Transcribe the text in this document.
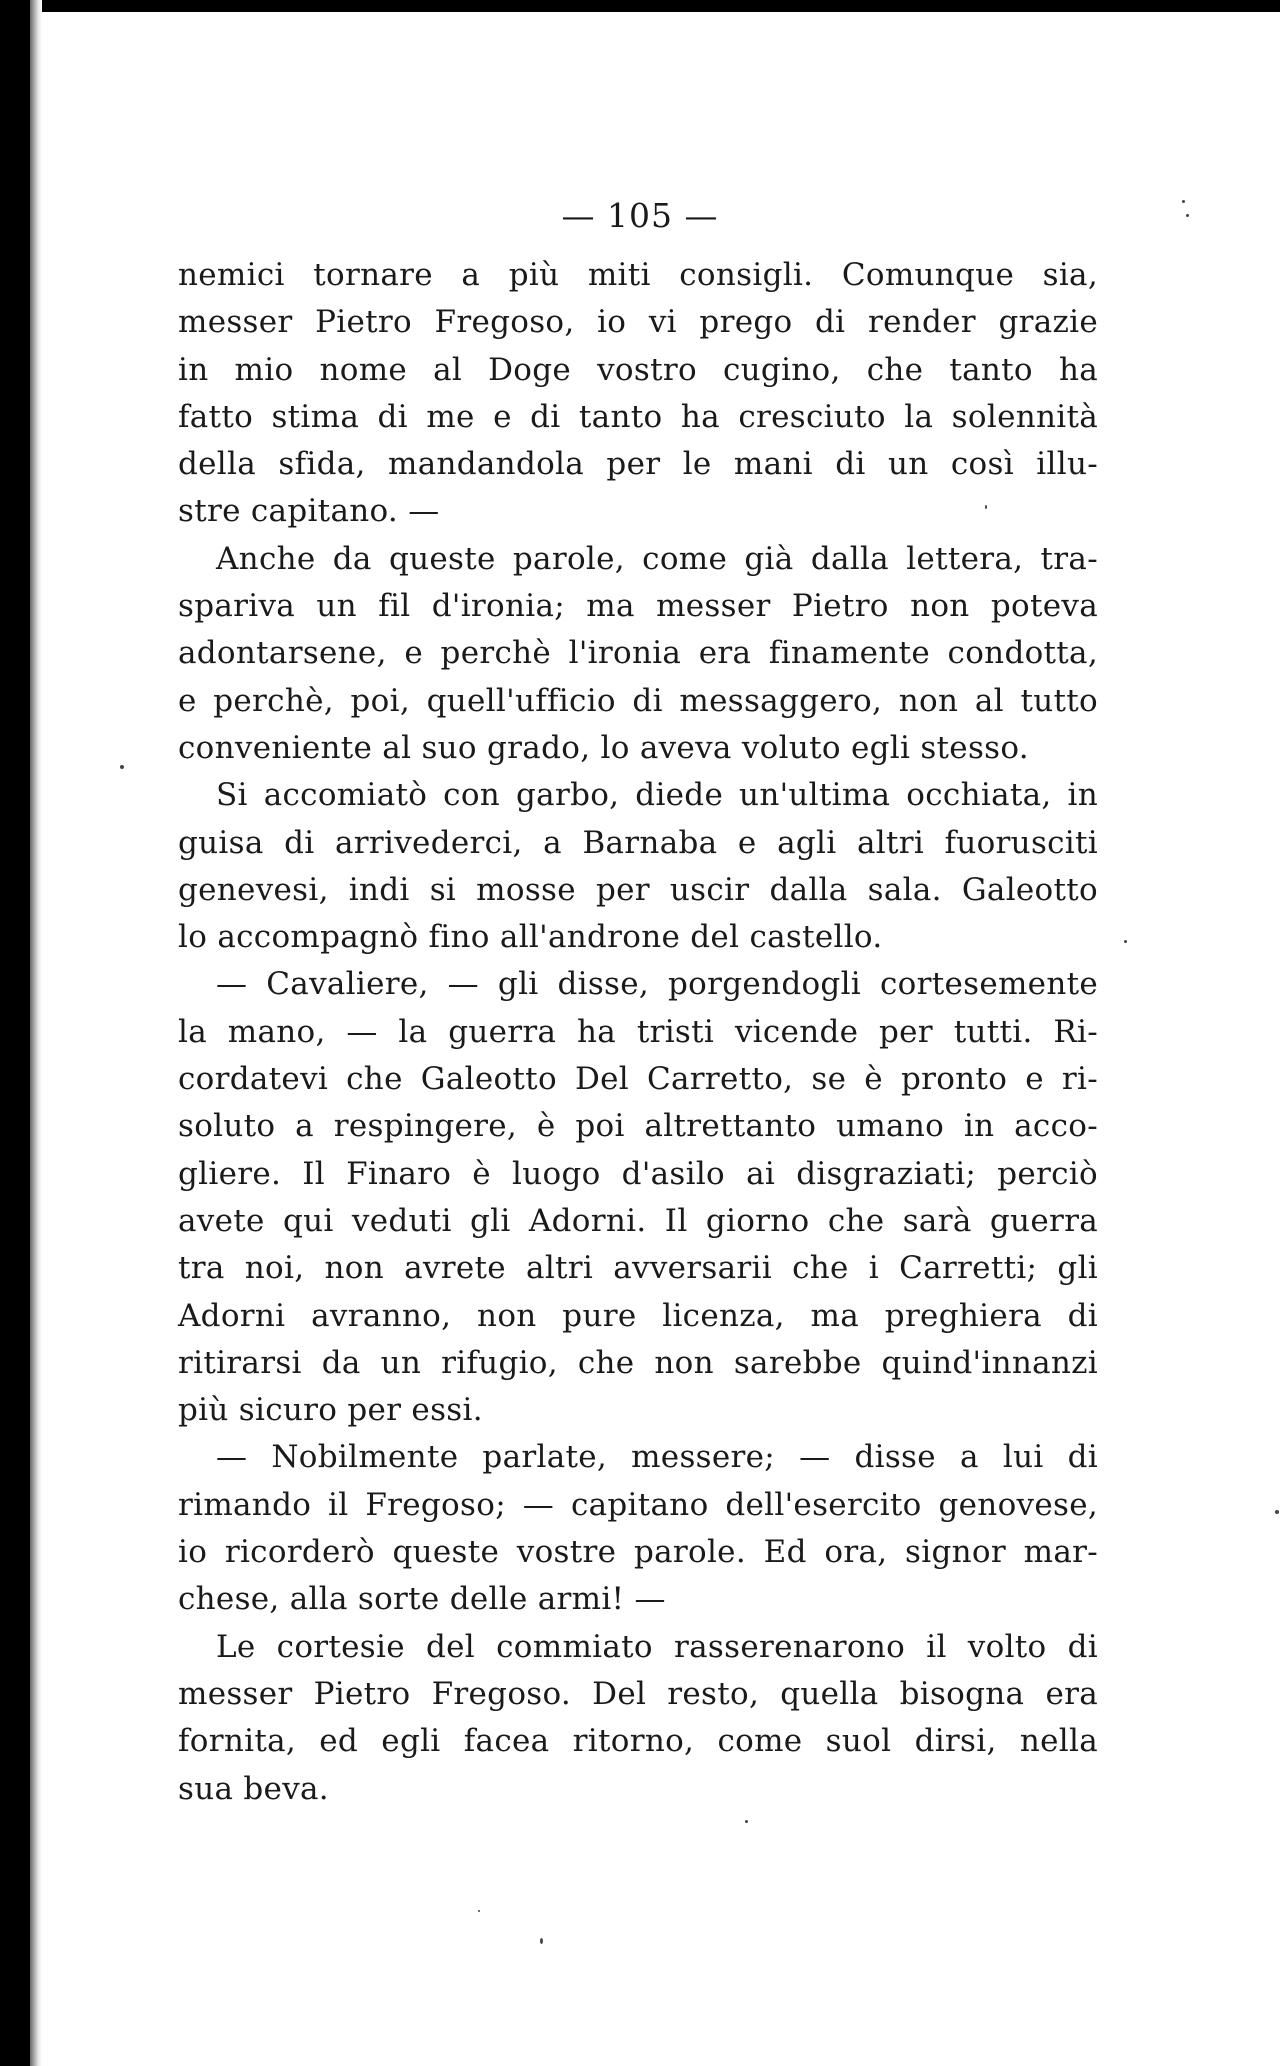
— 105 —
nemici tornare a più miti consigli. Comunque sia,
messer Pietro Fregoso, io vi prego di render grazie
in mio nome al Doge vostro cugino, che tanto ha
fatto stima di me e di tanto ha cresciuto la solennità
della sfida, mandandola per le mani di un così illu-
stre capitano. —
Anche da queste parole, come già dalla lettera, tra-
spariva un fil d'ironia; ma messer Pietro non poteva
adontarsene, e perchè l'ironia era finamente condotta,
e perchè, poi, quell'ufficio di messaggero, non al tutto
conveniente al suo grado, lo aveva voluto egli stesso.
Si accomiatò con garbo, diede un'ultima occhiata, in
guisa di arrivederci, a Barnaba e agli altri fuorusciti
genevesi, indi si mosse per uscir dalla sala. Galeotto
lo accompagnò fino all'androne del castello.
— Cavaliere, — gli disse, porgendogli cortesemente
la mano, — la guerra ha tristi vicende per tutti. Ri-
cordatevi che Galeotto Del Carretto, se è pronto e ri-
soluto a respingere, è poi altrettanto umano in acco-
gliere. Il Finaro è luogo d'asilo ai disgraziati; perciò
avete qui veduti gli Adorni. Il giorno che sarà guerra
tra noi, non avrete altri avversarii che i Carretti; gli
Adorni avranno, non pure licenza, ma preghiera di
ritirarsi da un rifugio, che non sarebbe quind'innanzi
più sicuro per essi.
— Nobilmente parlate, messere; — disse a lui di
rimando il Fregoso; — capitano dell'esercito genovese,
io ricorderò queste vostre parole. Ed ora, signor mar-
chese, alla sorte delle armi! —
Le cortesie del commiato rasserenarono il volto di
messer Pietro Fregoso. Del resto, quella bisogna era
fornita, ed egli facea ritorno, come suol dirsi, nella
sua beva.
